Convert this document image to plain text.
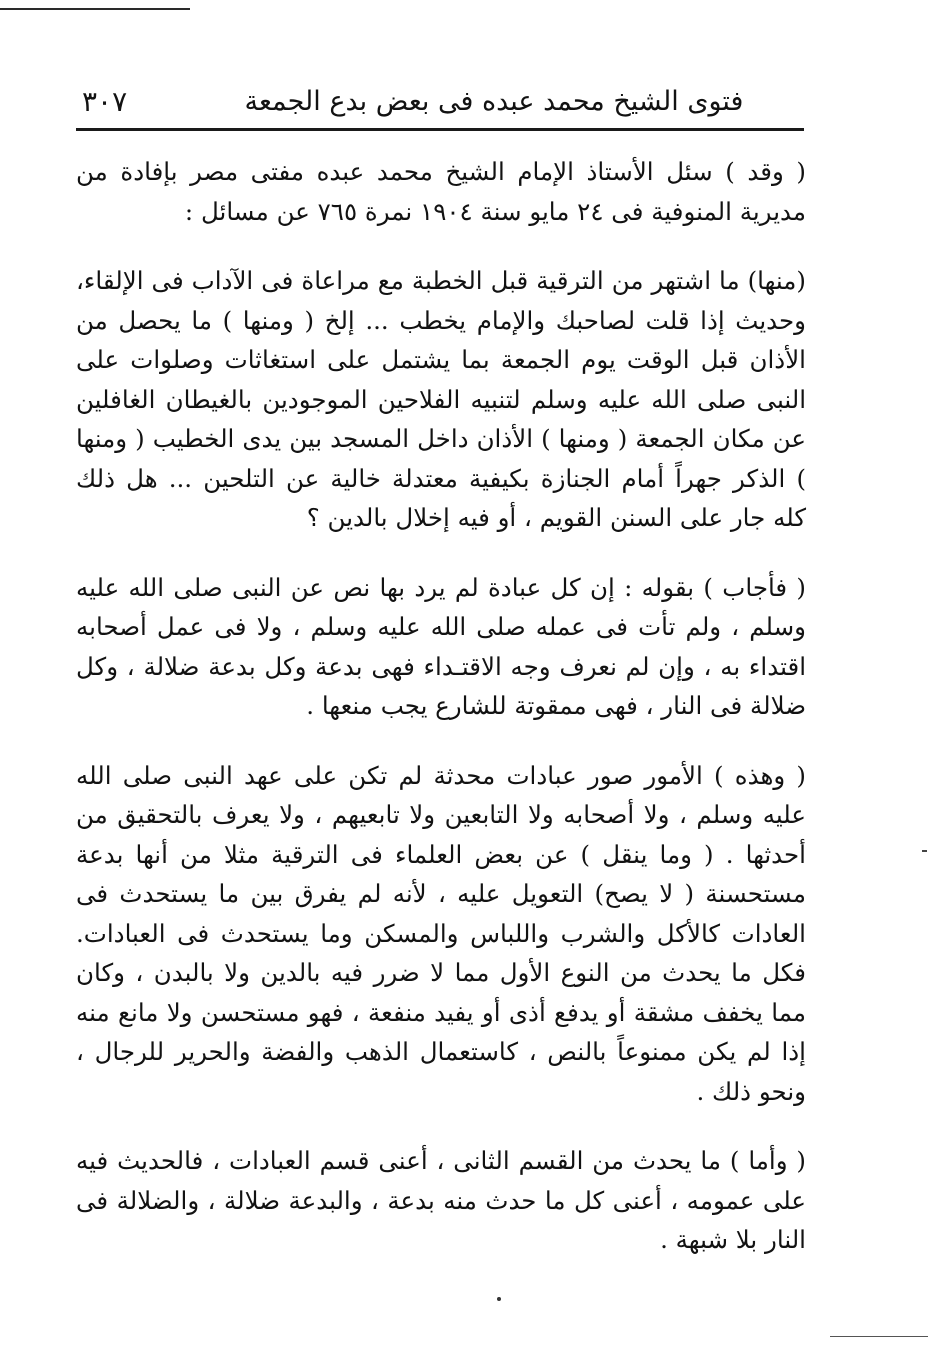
فتوى الشيخ محمد عبده فى بعض بدع الجمعة
٣٠٧

( وقد ) سئل الأستاذ الإمام الشيخ محمد عبده مفتى مصر بإفادة من مديرية المنوفية فى ٢٤ مايو سنة ١٩٠٤ نمرة ٧٦٥ عن مسائل :

(منها) ما اشتهر من الترقية قبل الخطبة مع مراعاة فى الآداب فى الإلقاء، وحديث إذا قلت لصاحبك والإمام يخطب ... إلخ ( ومنها ) ما يحصل من الأذان قبل الوقت يوم الجمعة بما يشتمل على استغاثات وصلوات على النبى صلى الله عليه وسلم لتنبيه الفلاحين الموجودين بالغيطان الغافلين عن مكان الجمعة ( ومنها ) الأذان داخل المسجد بين يدى الخطيب ( ومنها ) الذكر جهراً أمام الجنازة بكيفية معتدلة خالية عن التلحين ... هل ذلك كله جار على السنن القويم ، أو فيه إخلال بالدين ؟

( فأجاب ) بقوله : إن كل عبادة لم يرد بها نص عن النبى صلى الله عليه وسلم ، ولم تأت فى عمله صلى الله عليه وسلم ، ولا فى عمل أصحابه اقتداء به ، وإن لم نعرف وجه الاقتـداء فهى بدعة وكل بدعة ضلالة ، وكل ضلالة فى النار ، فهى ممقوتة للشارع يجب منعها .

( وهذه ) الأمور صور عبادات محدثة لم تكن على عهد النبى صلى الله عليه وسلم ، ولا أصحابه ولا التابعين ولا تابعيهم ، ولا يعرف بالتحقيق من أحدثها . ( وما ينقل ) عن بعض العلماء فى الترقية مثلا من أنها بدعة مستحسنة ( لا يصح) التعويل عليه ، لأنه لم يفرق بين ما يستحدث فى العادات كالأكل والشرب واللباس والمسكن وما يستحدث فى العبادات. فكل ما يحدث من النوع الأول مما لا ضرر فيه بالدين ولا بالبدن ، وكان مما يخفف مشقة أو يدفع أذى أو يفيد منفعة ، فهو مستحسن ولا مانع منه إذا لم يكن ممنوعاً بالنص ، كاستعمال الذهب والفضة والحرير للرجال ، ونحو ذلك .

( وأما ) ما يحدث من القسم الثانى ، أعنى قسم العبادات ، فالحديث فيه على عمومه ، أعنى كل ما حدث منه بدعة ، والبدعة ضلالة ، والضلالة فى النار بلا شبهة .
